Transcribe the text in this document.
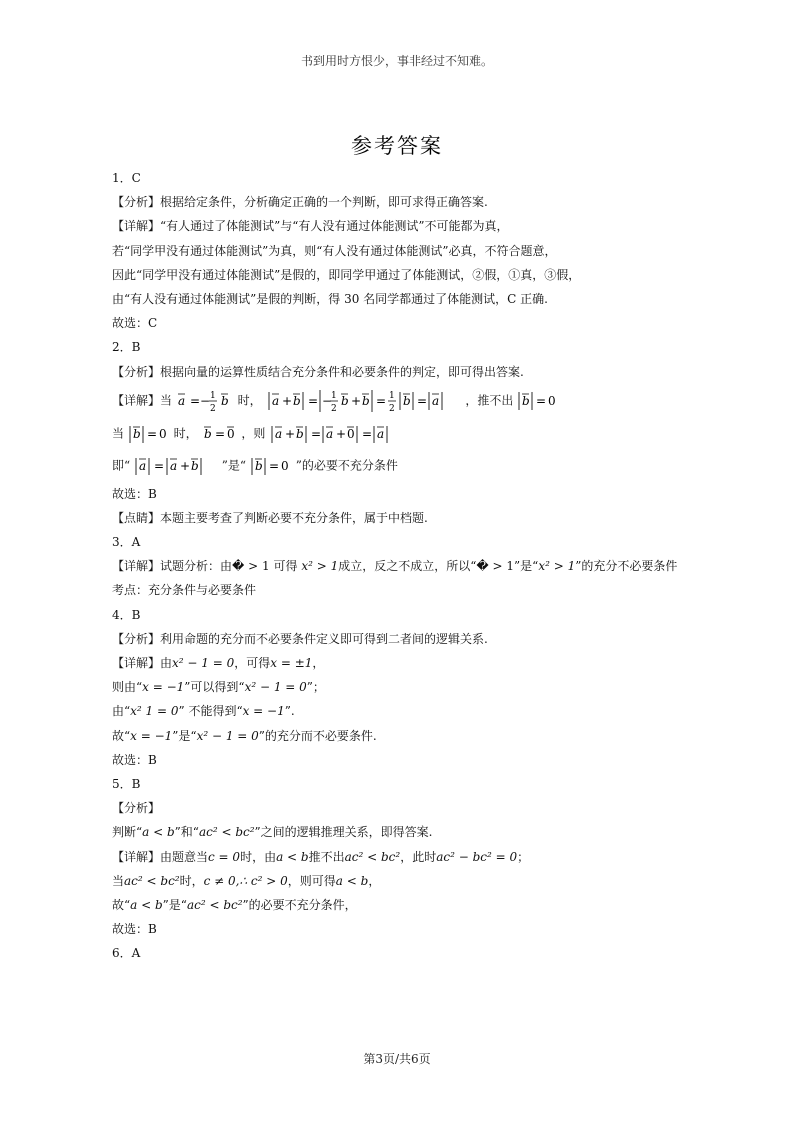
书到用时方恨少，事非经过不知难。
参考答案
1．C
【分析】根据给定条件，分析确定正确的一个判断，即可求得正确答案.
【详解】“有人通过了体能测试”与“有人没有通过体能测试”不可能都为真，
若“同学甲没有通过体能测试”为真，则“有人没有通过体能测试”必真，不符合题意，
因此“同学甲没有通过体能测试”是假的，即同学甲通过了体能测试，②假，①真，③假，
由“有人没有通过体能测试”是假的判断，得 30 名同学都通过了体能测试，C 正确.
故选：C
2．B
【分析】根据向量的运算性质结合充分条件和必要条件的判定，即可得出答案.
【详解】当 a = − 1
2
b 时， a + b = −
1
2
b + b = 1
2
b = a ，推不出 b = 0
当 b = 0 时， b = 0 ，则 a + b = a + 0 = a
即“ a = a + b ”是“ b = 0 ”的必要不充分条件
故选：B
【点睛】本题主要考查了判断必要不充分条件，属于中档题.
3．A
【详解】试题分析：由� > 1 可得 x² > 1成立，反之不成立，所以“� > 1”是“x² > 1”的充分不必要条件
考点：充分条件与必要条件
4．B
【分析】利用命题的充分而不必要条件定义即可得到二者间的逻辑关系.
【详解】由x² − 1 = 0，可得x = ±1，
则由“x = −1”可以得到“x² − 1 = 0”；
由“x² 1 = 0” 不能得到“x = −1”.
故“x = −1”是“x² − 1 = 0”的充分而不必要条件.
故选：B
5．B
【分析】
判断“a < b”和“ac² < bc²”之间的逻辑推理关系，即得答案.
【详解】由题意当c = 0时，由a < b推不出ac² < bc²，此时ac² − bc² = 0；
当ac² < bc²时，c ≠ 0,∴ c² > 0，则可得a < b，
故“a < b”是“ac² < bc²”的必要不充分条件，
故选：B
6．A
第3页/共6页
